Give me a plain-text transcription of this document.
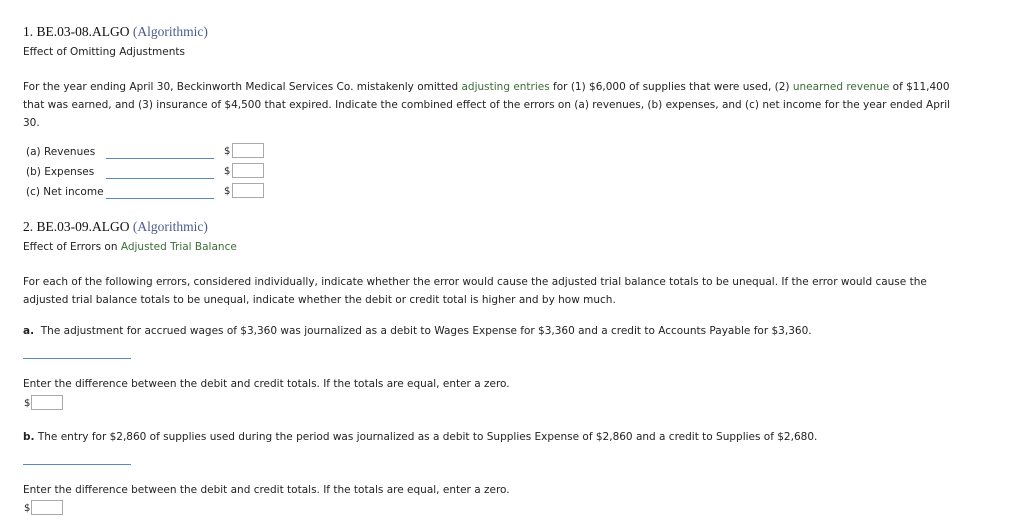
1. BE.03-08.ALGO (Algorithmic)
Effect of Omitting Adjustments
For the year ending April 30, Beckinworth Medical Services Co. mistakenly omitted adjusting entries for (1) $6,000 of supplies that were used, (2) unearned revenue of $11,400 that was earned, and (3) insurance of $4,500 that expired. Indicate the combined effect of the errors on (a) revenues, (b) expenses, and (c) net income for the year ended April 30.
(a) Revenues	$
(b) Expenses	$
(c) Net income	$
2. BE.03-09.ALGO (Algorithmic)
Effect of Errors on Adjusted Trial Balance
For each of the following errors, considered individually, indicate whether the error would cause the adjusted trial balance totals to be unequal. If the error would cause the adjusted trial balance totals to be unequal, indicate whether the debit or credit total is higher and by how much.
a. The adjustment for accrued wages of $3,360 was journalized as a debit to Wages Expense for $3,360 and a credit to Accounts Payable for $3,360.
Enter the difference between the debit and credit totals. If the totals are equal, enter a zero.
$
b. The entry for $2,860 of supplies used during the period was journalized as a debit to Supplies Expense of $2,860 and a credit to Supplies of $2,680.
Enter the difference between the debit and credit totals. If the totals are equal, enter a zero.
$
